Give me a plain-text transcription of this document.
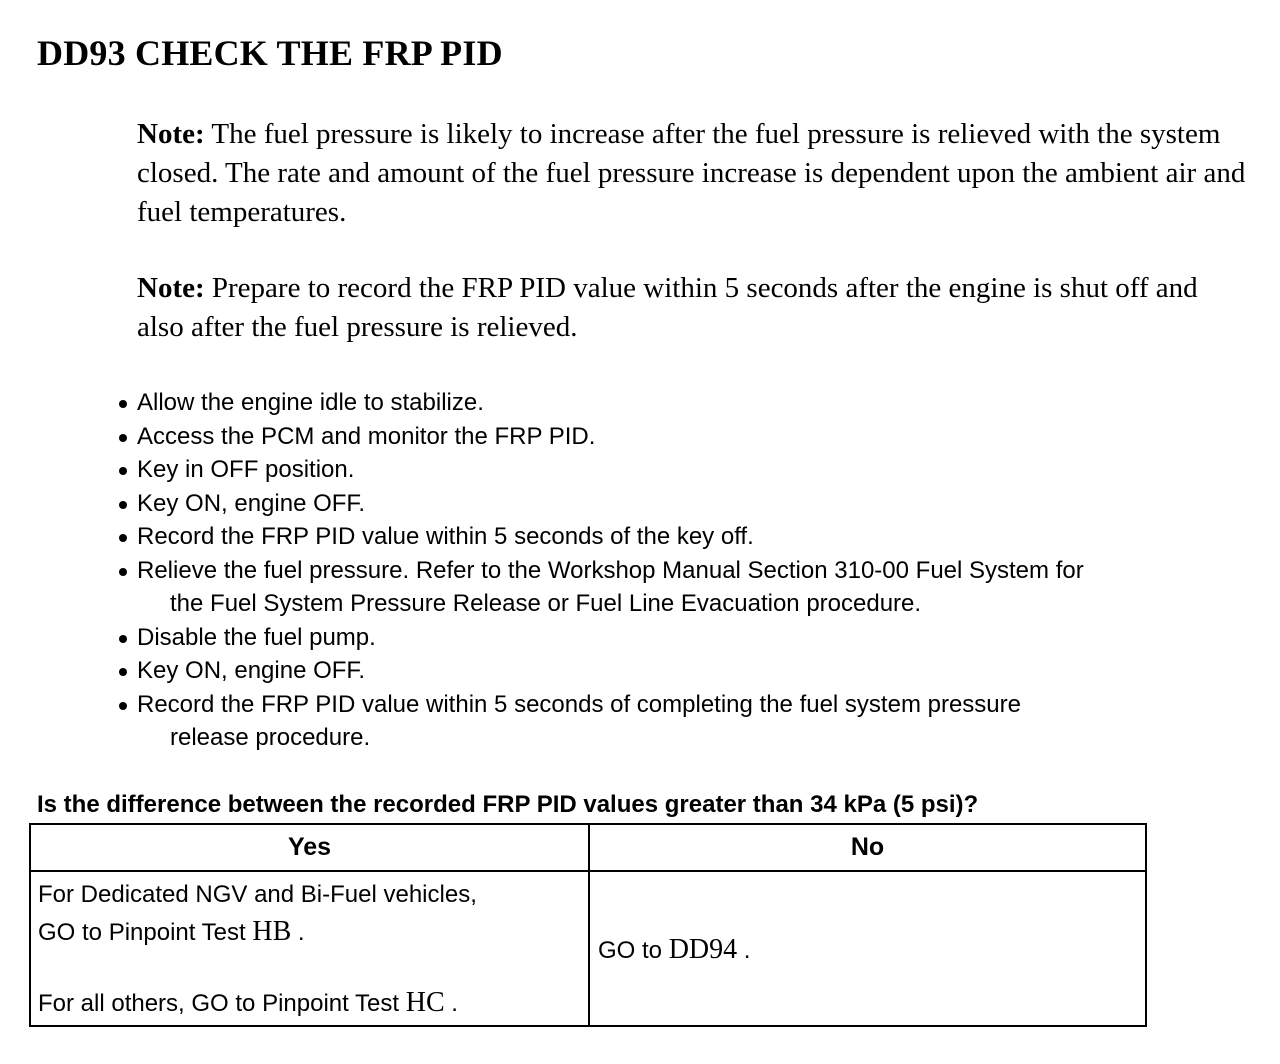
DD93 CHECK THE FRP PID
Note: The fuel pressure is likely to increase after the fuel pressure is relieved with the system closed. The rate and amount of the fuel pressure increase is dependent upon the ambient air and fuel temperatures.
Note: Prepare to record the FRP PID value within 5 seconds after the engine is shut off and also after the fuel pressure is relieved.
Allow the engine idle to stabilize.
Access the PCM and monitor the FRP PID.
Key in OFF position.
Key ON, engine OFF.
Record the FRP PID value within 5 seconds of the key off.
Relieve the fuel pressure. Refer to the Workshop Manual Section 310-00 Fuel System for
the Fuel System Pressure Release or Fuel Line Evacuation procedure.
Disable the fuel pump.
Key ON, engine OFF.
Record the FRP PID value within 5 seconds of completing the fuel system pressure
release procedure.
Is the difference between the recorded FRP PID values greater than 34 kPa (5 psi)?
Yes	No

For Dedicated NGV and Bi-Fuel vehicles,
GO to Pinpoint Test HB .
For all others, GO to Pinpoint Test HC .	GO to DD94 .
